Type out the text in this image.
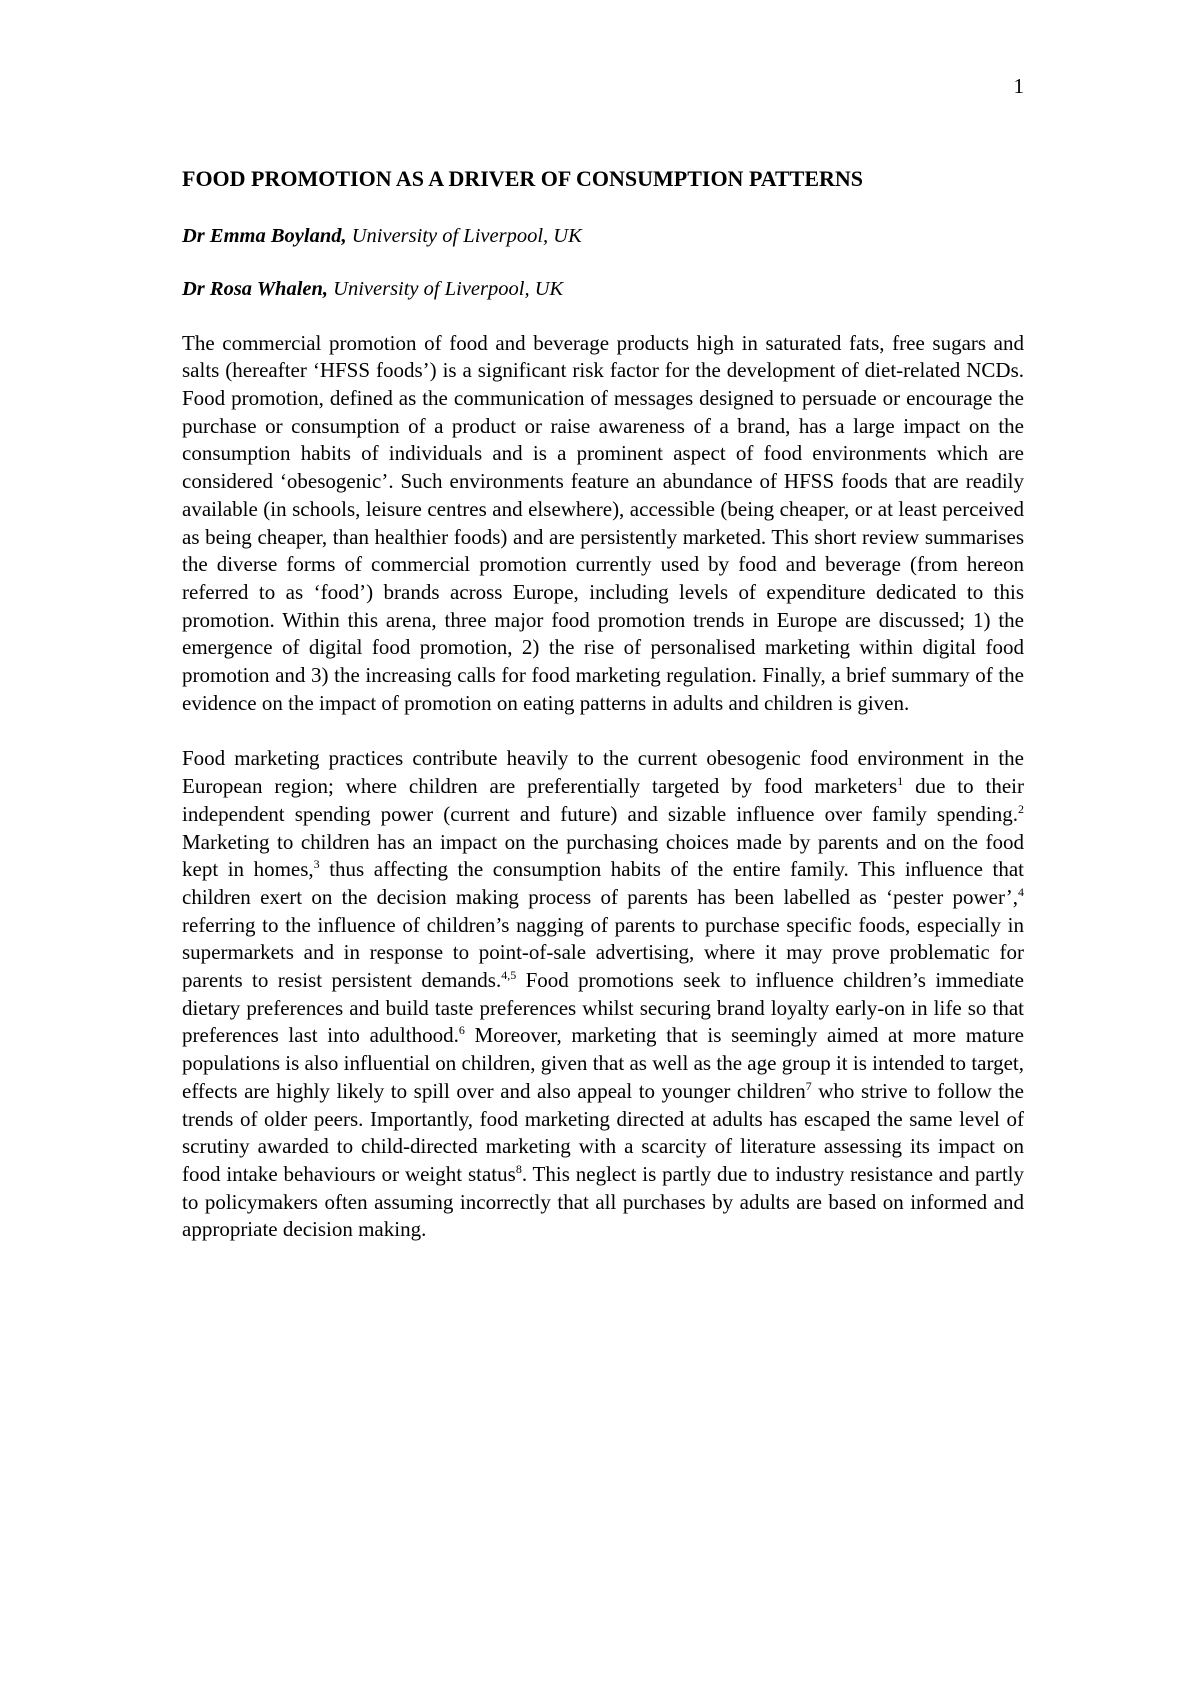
1
FOOD PROMOTION AS A DRIVER OF CONSUMPTION PATTERNS

Dr Emma Boyland, University of Liverpool, UK

Dr Rosa Whalen, University of Liverpool, UK

The commercial promotion of food and beverage products high in saturated fats, free sugars and salts (hereafter ‘HFSS foods’) is a significant risk factor for the development of diet-related NCDs. Food promotion, defined as the communication of messages designed to persuade or encourage the purchase or consumption of a product or raise awareness of a brand, has a large impact on the consumption habits of individuals and is a prominent aspect of food environments which are considered ‘obesogenic’. Such environments feature an abundance of HFSS foods that are readily available (in schools, leisure centres and elsewhere), accessible (being cheaper, or at least perceived as being cheaper, than healthier foods) and are persistently marketed. This short review summarises the diverse forms of commercial promotion currently used by food and beverage (from hereon referred to as ‘food’) brands across Europe, including levels of expenditure dedicated to this promotion. Within this arena, three major food promotion trends in Europe are discussed; 1) the emergence of digital food promotion, 2) the rise of personalised marketing within digital food promotion and 3) the increasing calls for food marketing regulation. Finally, a brief summary of the evidence on the impact of promotion on eating patterns in adults and children is given.

Food marketing practices contribute heavily to the current obesogenic food environment in the European region; where children are preferentially targeted by food marketers$^1$ due to their independent spending power (current and future) and sizable influence over family spending.$^2$ Marketing to children has an impact on the purchasing choices made by parents and on the food kept in homes,$^3$ thus affecting the consumption habits of the entire family. This influence that children exert on the decision making process of parents has been labelled as ‘pester power’,$^4$ referring to the influence of children’s nagging of parents to purchase specific foods, especially in supermarkets and in response to point-of-sale advertising, where it may prove problematic for parents to resist persistent demands.$^{4,5}$ Food promotions seek to influence children’s immediate dietary preferences and build taste preferences whilst securing brand loyalty early-on in life so that preferences last into adulthood.$^6$ Moreover, marketing that is seemingly aimed at more mature populations is also influential on children, given that as well as the age group it is intended to target, effects are highly likely to spill over and also appeal to younger children$^7$ who strive to follow the trends of older peers. Importantly, food marketing directed at adults has escaped the same level of scrutiny awarded to child-directed marketing with a scarcity of literature assessing its impact on food intake behaviours or weight status$^8$. This neglect is partly due to industry resistance and partly to policymakers often assuming incorrectly that all purchases by adults are based on informed and appropriate decision making.
